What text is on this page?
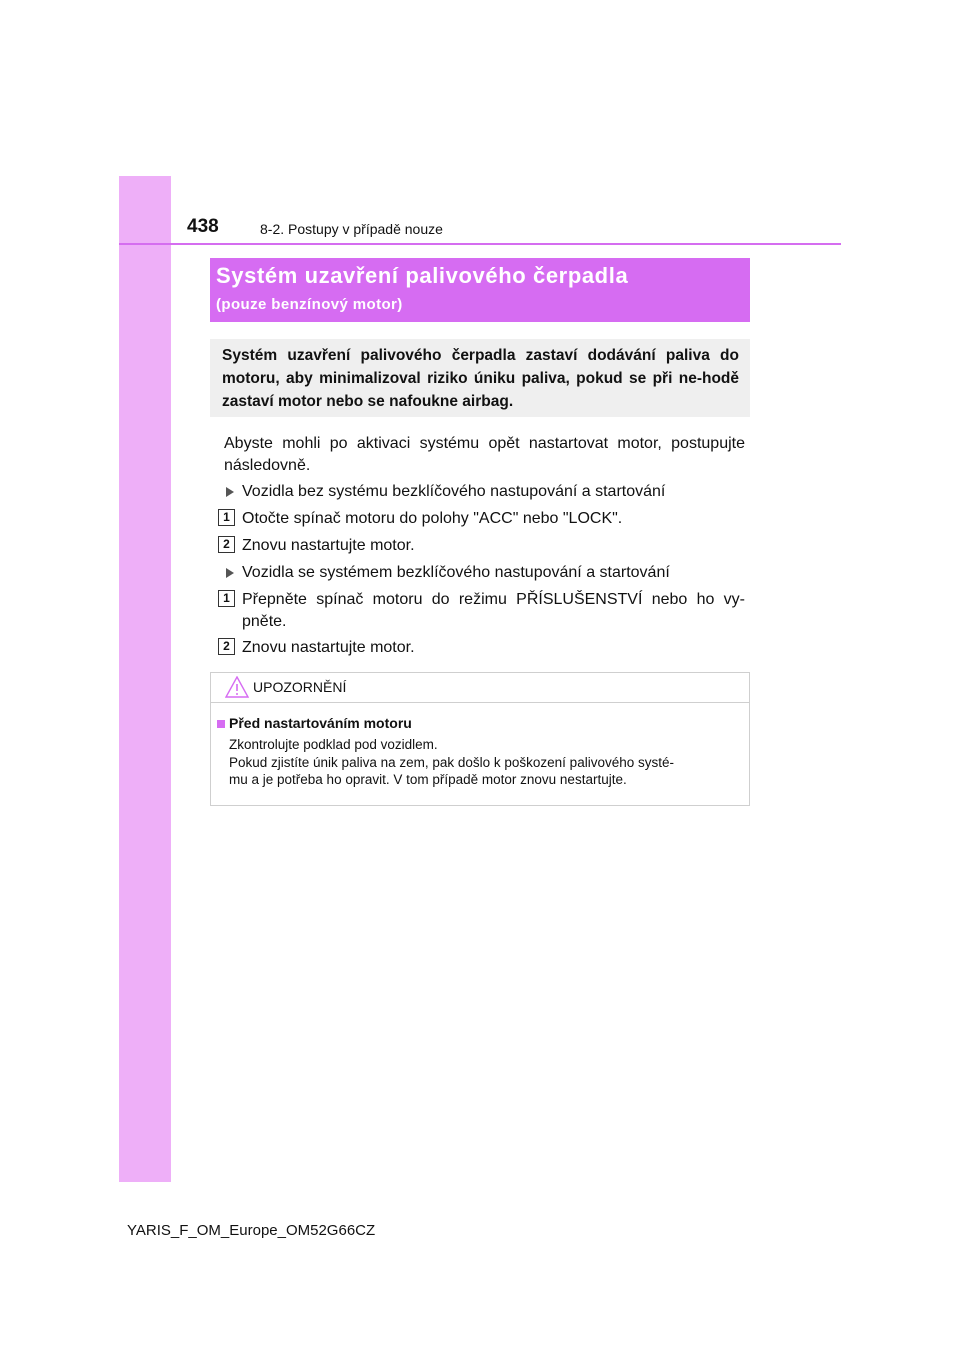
438	8-2. Postupy v případě nouze
Systém uzavření palivového čerpadla
(pouze benzínový motor)

Systém uzavření palivového čerpadla zastaví dodávání paliva do motoru, aby minimalizoval riziko úniku paliva, pokud se při ne-hodě zastaví motor nebo se nafoukne airbag.

Abyste mohli po aktivaci systému opět nastartovat motor, postupujte následovně.
Vozidla bez systému bezklíčového nastupování a startování
1 Otočte spínač motoru do polohy "ACC" nebo "LOCK".
2 Znovu nastartujte motor.
Vozidla se systémem bezklíčového nastupování a startování
1 Přepněte spínač motoru do režimu PŘÍSLUŠENSTVÍ nebo ho vy-pněte.
2 Znovu nastartujte motor.
UPOZORNĚNÍ
Před nastartováním motoru
Zkontrolujte podklad pod vozidlem.
Pokud zjistíte únik paliva na zem, pak došlo k poškození palivového systé-
mu a je potřeba ho opravit. V tom případě motor znovu nestartujte.
YARIS_F_OM_Europe_OM52G66CZ
